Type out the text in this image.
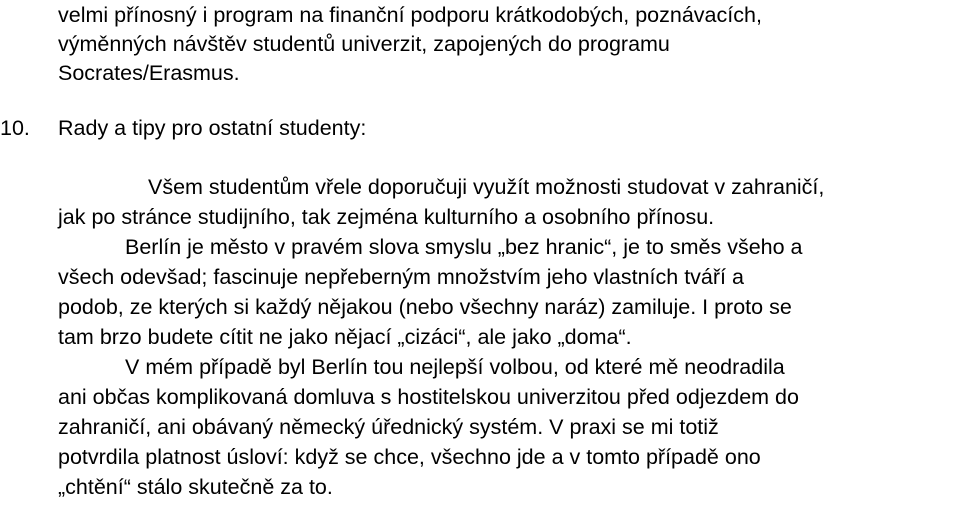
velmi přínosný i program na finanční podporu krátkodobých, poznávacích,

výměnných návštěv studentů univerzit, zapojených do programu

Socrates/Erasmus.

10. Rady a tipy pro ostatní studenty:

Všem studentům vřele doporučuji využít možnosti studovat v zahraničí,

jak po stránce studijního, tak zejména kulturního a osobního přínosu.

Berlín je město v pravém slova smyslu „bez hranic“, je to směs všeho a

všech odevšad; fascinuje nepřeberným množstvím jeho vlastních tváří a

podob, ze kterých si každý nějakou (nebo všechny naráz) zamiluje. I proto se

tam brzo budete cítit ne jako nějací „cizáci“, ale jako „doma“.

V mém případě byl Berlín tou nejlepší volbou, od které mě neodradila

ani občas komplikovaná domluva s hostitelskou univerzitou před odjezdem do

zahraničí, ani obávaný německý úřednický systém. V praxi se mi totiž

potvrdila platnost úsloví: když se chce, všechno jde a v tomto případě ono

„chtění“ stálo skutečně za to.
